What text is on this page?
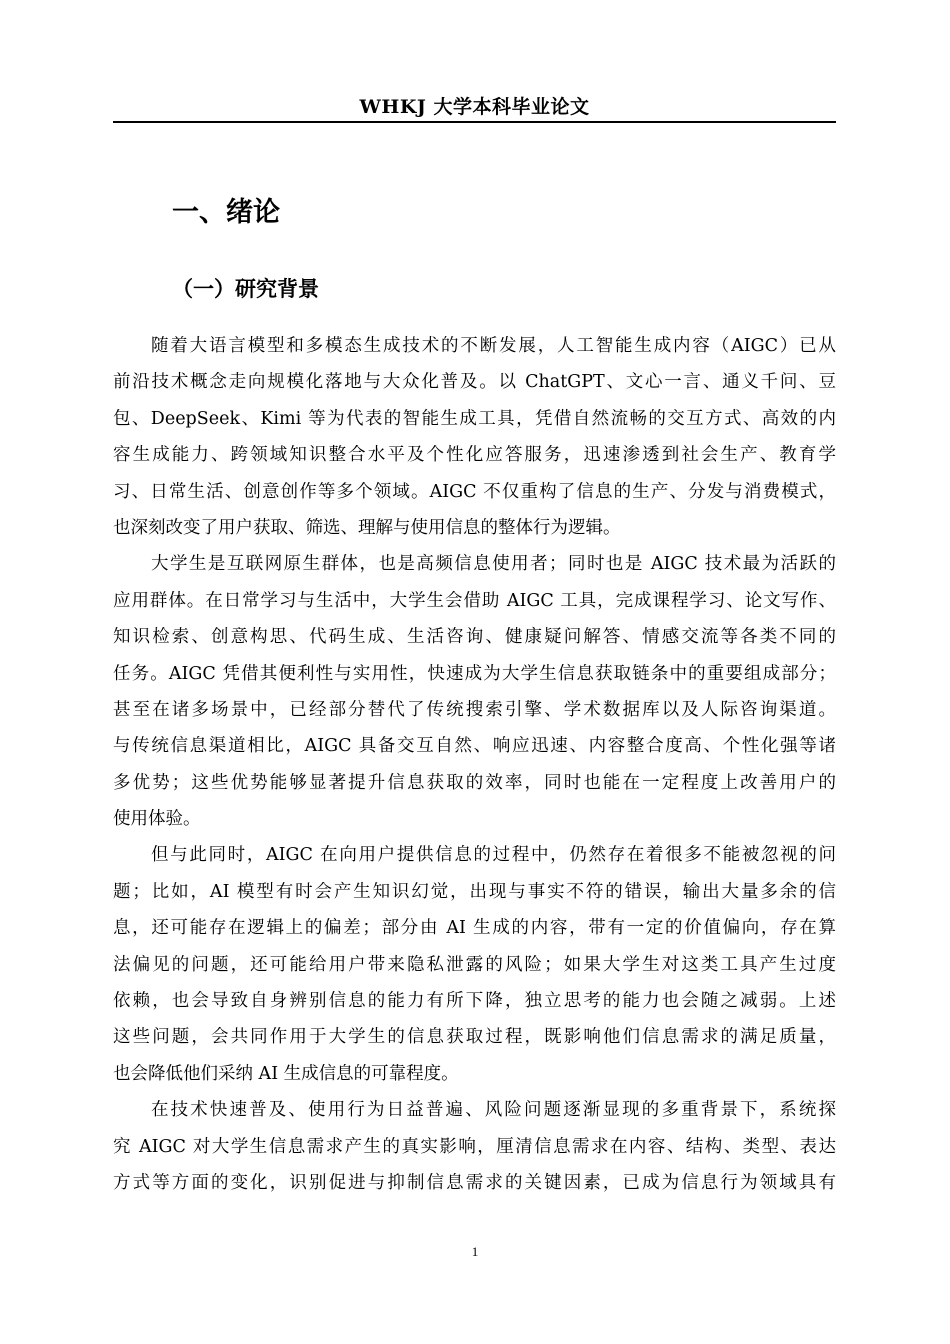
WHKJ 大学本科毕业论文
一、绪论
（一）研究背景
随着大语言模型和多模态生成技术的不断发展，人工智能生成内容（AIGC）已从
前沿技术概念走向规模化落地与大众化普及。以 ChatGPT、文心一言、通义千问、豆
包、DeepSeek、Kimi 等为代表的智能生成工具，凭借自然流畅的交互方式、高效的内
容生成能力、跨领域知识整合水平及个性化应答服务，迅速渗透到社会生产、教育学
习、日常生活、创意创作等多个领域。AIGC 不仅重构了信息的生产、分发与消费模式，
也深刻改变了用户获取、筛选、理解与使用信息的整体行为逻辑。
大学生是互联网原生群体，也是高频信息使用者；同时也是 AIGC 技术最为活跃的
应用群体。在日常学习与生活中，大学生会借助 AIGC 工具，完成课程学习、论文写作、
知识检索、创意构思、代码生成、生活咨询、健康疑问解答、情感交流等各类不同的
任务。AIGC 凭借其便利性与实用性，快速成为大学生信息获取链条中的重要组成部分；
甚至在诸多场景中，已经部分替代了传统搜索引擎、学术数据库以及人际咨询渠道。
与传统信息渠道相比，AIGC 具备交互自然、响应迅速、内容整合度高、个性化强等诸
多优势；这些优势能够显著提升信息获取的效率，同时也能在一定程度上改善用户的
使用体验。
但与此同时，AIGC 在向用户提供信息的过程中，仍然存在着很多不能被忽视的问
题；比如，AI 模型有时会产生知识幻觉，出现与事实不符的错误，输出大量多余的信
息，还可能存在逻辑上的偏差；部分由 AI 生成的内容，带有一定的价值偏向，存在算
法偏见的问题，还可能给用户带来隐私泄露的风险；如果大学生对这类工具产生过度
依赖，也会导致自身辨别信息的能力有所下降，独立思考的能力也会随之减弱。上述
这些问题，会共同作用于大学生的信息获取过程，既影响他们信息需求的满足质量，
也会降低他们采纳 AI 生成信息的可靠程度。
在技术快速普及、使用行为日益普遍、风险问题逐渐显现的多重背景下，系统探
究 AIGC 对大学生信息需求产生的真实影响，厘清信息需求在内容、结构、类型、表达
方式等方面的变化，识别促进与抑制信息需求的关键因素，已成为信息行为领域具有
1
